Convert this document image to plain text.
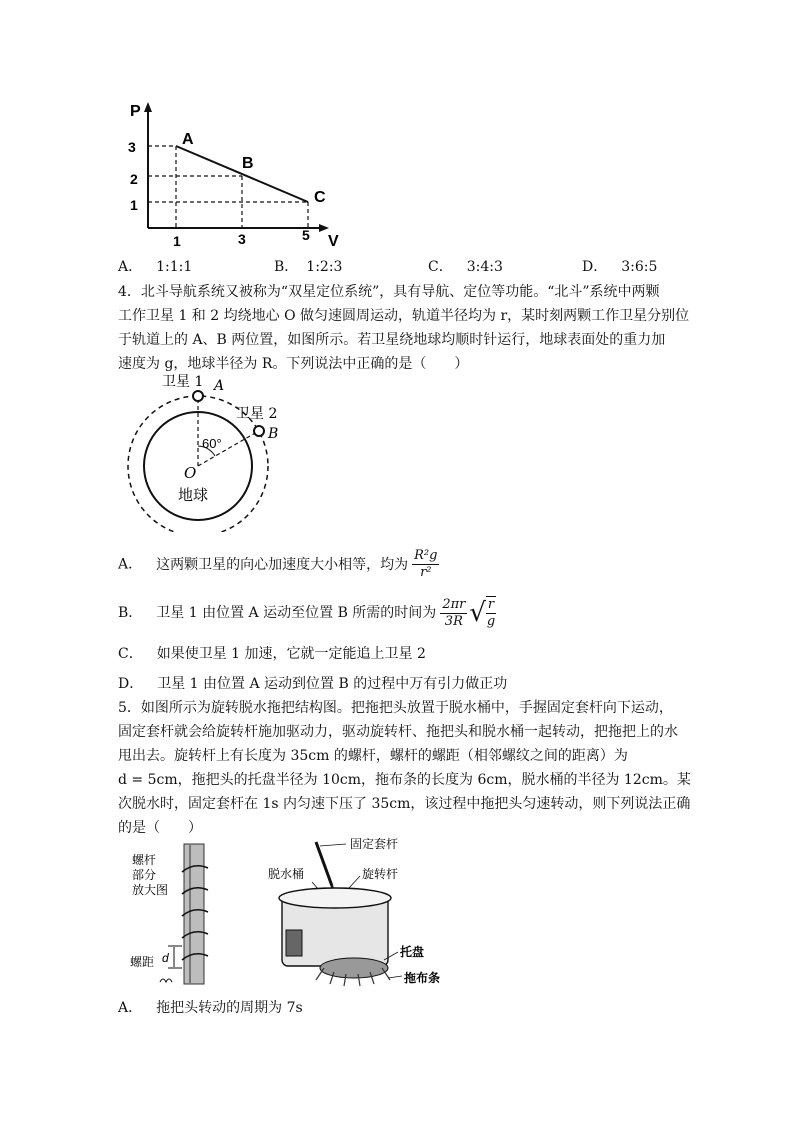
P
V
3
2
1
1	3	5
A
B
C
A． 1:1:1	B． 1:2:3	C． 3:4:3	D． 3:6:5
4．北斗导航系统又被称为“双星定位系统”，具有导航、定位等功能。“北斗”系统中两颗
工作卫星 1 和 2 均绕地心 O 做匀速圆周运动，轨道半径均为 r，某时刻两颗工作卫星分别位
于轨道上的 A、B 两位置，如图所示。若卫星绕地球均顺时针运行，地球表面处的重力加
速度为 g，地球半径为 R。下列说法中正确的是（　　）
卫星 1 A
卫星 2
B
60°
O
地球
A． 这两颗卫星的向心加速度大小相等，均为 $\frac{\text{R²g}}{\text{r²}}$
B． 卫星 1 由位置 A 运动至位置 B 所需的时间为 $\frac{2\pi r}{3R}$ √ $\frac{r}{g}$
C． 如果使卫星 1 加速，它就一定能追上卫星 2
D． 卫星 1 由位置 A 运动到位置 B 的过程中万有引力做正功
5．如图所示为旋转脱水拖把结构图。把拖把头放置于脱水桶中，手握固定套杆向下运动，
固定套杆就会给旋转杆施加驱动力，驱动旋转杆、拖把头和脱水桶一起转动，把拖把上的水
甩出去。旋转杆上有长度为 35cm 的螺杆，螺杆的螺距（相邻螺纹之间的距离）为
d = 5cm，拖把头的托盘半径为 10cm，拖布条的长度为 6cm，脱水桶的半径为 12cm。某
次脱水时，固定套杆在 1s 内匀速下压了 35cm，该过程中拖把头匀速转动，则下列说法正确
的是（　　）
螺杆
部分
放大图
d
螺距
固定套杆
脱水桶	旋转杆
托盘
拖布条
A． 拖把头转动的周期为 7s
